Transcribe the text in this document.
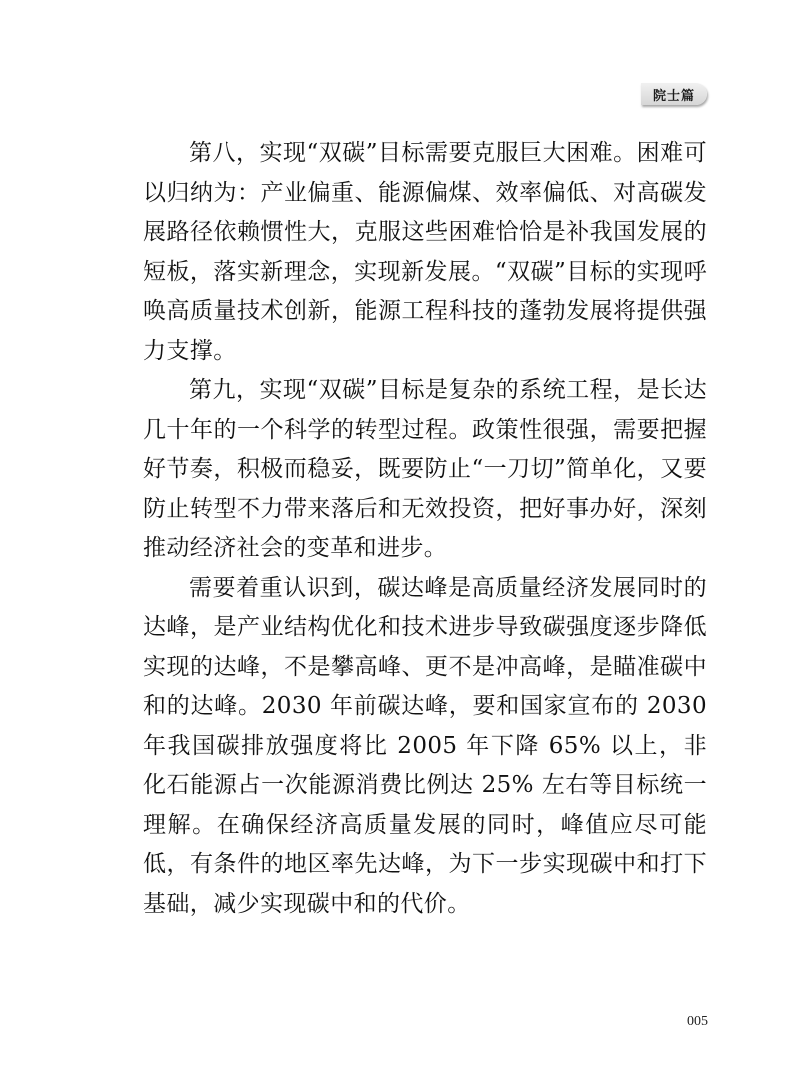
院士篇

第八，实现“双碳”目标需要克服巨大困难。困难可以归纳为：产业偏重、能源偏煤、效率偏低、对高碳发展路径依赖惯性大，克服这些困难恰恰是补我国发展的短板，落实新理念，实现新发展。“双碳”目标的实现呼唤高质量技术创新，能源工程科技的蓬勃发展将提供强力支撑。

第九，实现“双碳”目标是复杂的系统工程，是长达几十年的一个科学的转型过程。政策性很强，需要把握好节奏，积极而稳妥，既要防止“一刀切”简单化，又要防止转型不力带来落后和无效投资，把好事办好，深刻推动经济社会的变革和进步。

需要着重认识到，碳达峰是高质量经济发展同时的达峰，是产业结构优化和技术进步导致碳强度逐步降低实现的达峰，不是攀高峰、更不是冲高峰，是瞄准碳中和的达峰。2030 年前碳达峰，要和国家宣布的 2030 年我国碳排放强度将比 2005 年下降 65% 以上，非化石能源占一次能源消费比例达 25% 左右等目标统一理解。在确保经济高质量发展的同时，峰值应尽可能低，有条件的地区率先达峰，为下一步实现碳中和打下基础，减少实现碳中和的代价。

005
